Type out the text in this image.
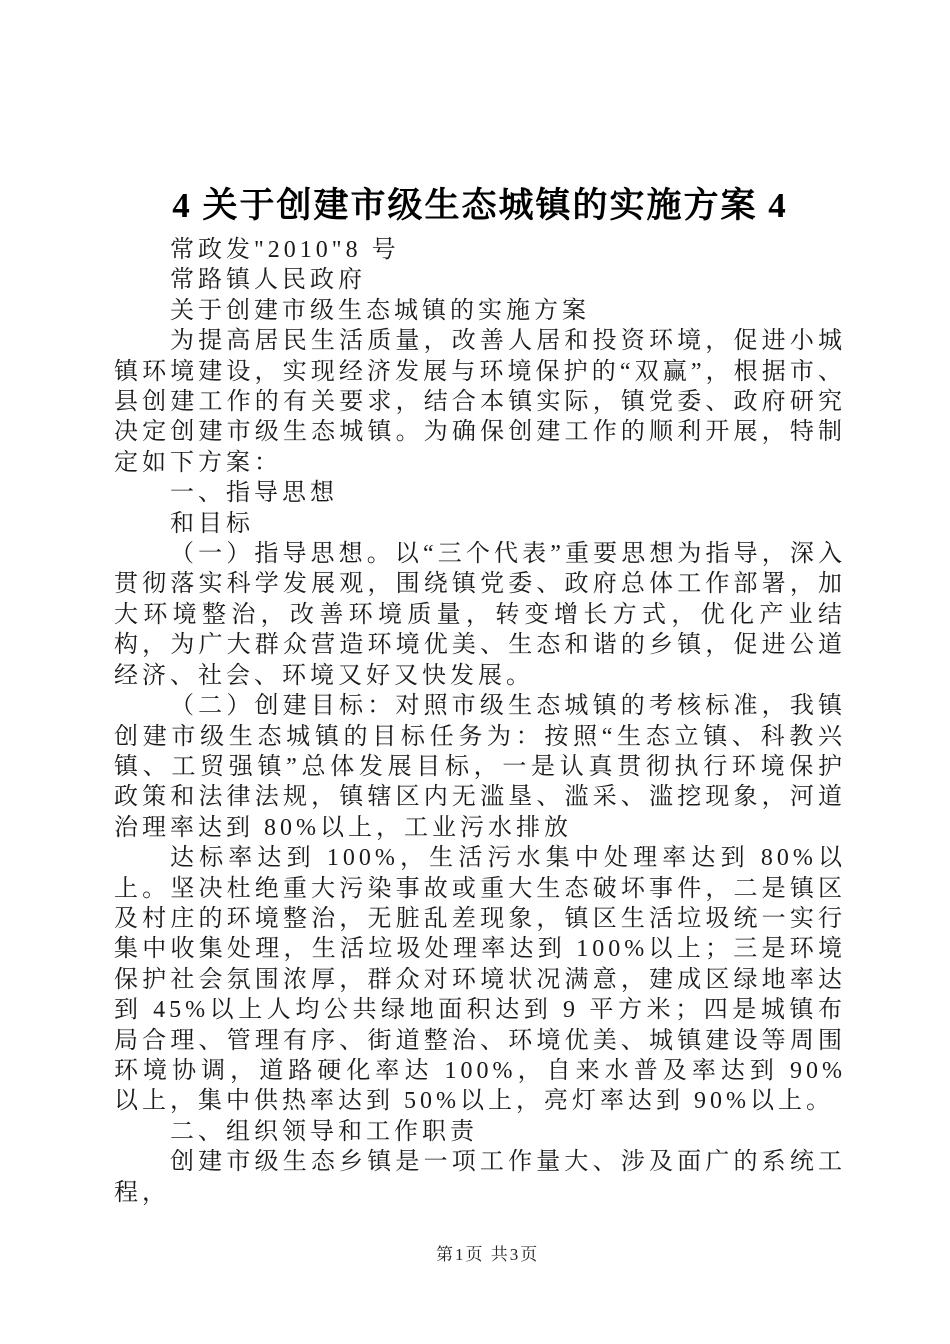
4 关于创建市级生态城镇的实施方案 4

常政发"2010"8 号

常路镇人民政府

关于创建市级生态城镇的实施方案

为提高居民生活质量，改善人居和投资环境，促进小城镇环境建设，实现经济发展与环境保护的“双赢”，根据市、县创建工作的有关要求，结合本镇实际，镇党委、政府研究决定创建市级生态城镇。为确保创建工作的顺利开展，特制定如下方案：

一、指导思想

和目标

（一）指导思想。以“三个代表”重要思想为指导，深入贯彻落实科学发展观，围绕镇党委、政府总体工作部署，加大环境整治，改善环境质量，转变增长方式，优化产业结构，为广大群众营造环境优美、生态和谐的乡镇，促进公道经济、社会、环境又好又快发展。

（二）创建目标：对照市级生态城镇的考核标准，我镇创建市级生态城镇的目标任务为：按照“生态立镇、科教兴镇、工贸强镇”总体发展目标，一是认真贯彻执行环境保护政策和法律法规，镇辖区内无滥垦、滥采、滥挖现象，河道治理率达到 80%以上，工业污水排放

达标率达到 100%，生活污水集中处理率达到 80%以上。坚决杜绝重大污染事故或重大生态破坏事件，二是镇区及村庄的环境整治，无脏乱差现象，镇区生活垃圾统一实行集中收集处理，生活垃圾处理率达到 100%以上；三是环境保护社会氛围浓厚，群众对环境状况满意，建成区绿地率达到 45%以上人均公共绿地面积达到 9 平方米；四是城镇布局合理、管理有序、街道整治、环境优美、城镇建设等周围环境协调，道路硬化率达 100%，自来水普及率达到 90%以上，集中供热率达到 50%以上，亮灯率达到 90%以上。

二、组织领导和工作职责

创建市级生态乡镇是一项工作量大、涉及面广的系统工程，

第1页 共3页
